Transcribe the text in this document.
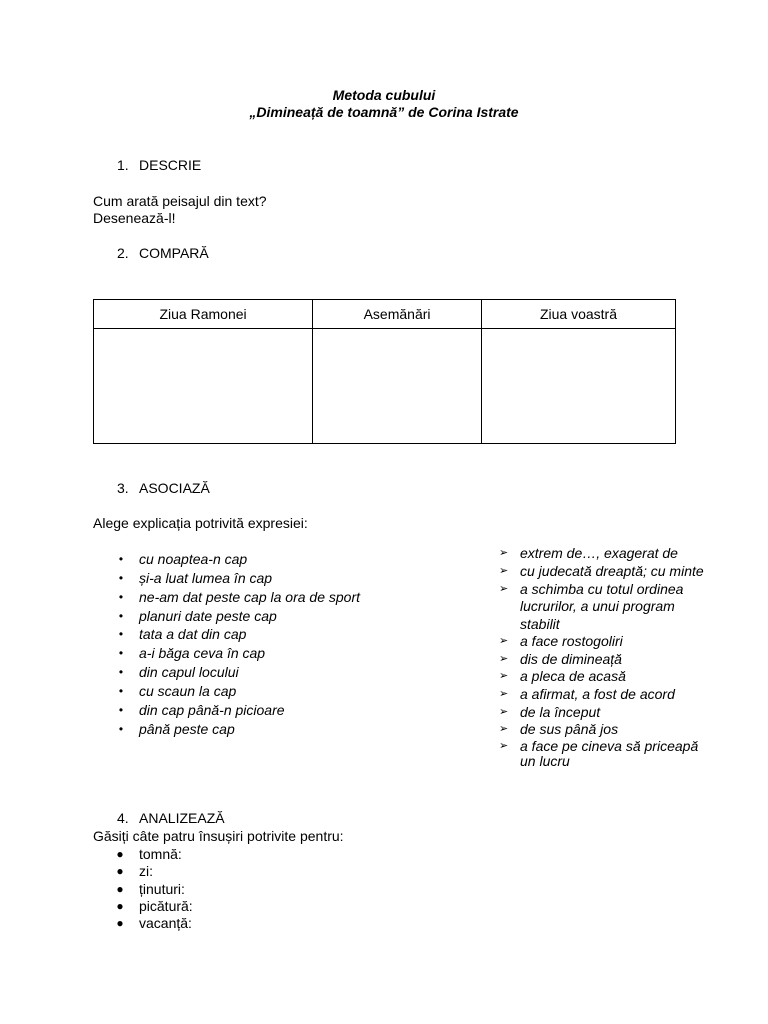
Metoda cubului
„Dimineață de toamnă” de Corina Istrate
1. DESCRIE
Cum arată peisajul din text?
Desenează-l!
2. COMPARĂ
Ziua Ramonei	Asemănări	Ziua voastră

3. ASOCIAZĂ
Alege explicația potrivită expresiei:
• cu noaptea-n cap
• și-a luat lumea în cap
• ne-am dat peste cap la ora de sport
• planuri date peste cap
• tata a dat din cap
• a-i băga ceva în cap
• din capul locului
• cu scaun la cap
• din cap până-n picioare
• până peste cap
➢ extrem de…, exagerat de
➢ cu judecată dreaptă; cu minte
➢ a schimba cu totul ordinea
lucrurilor, a unui program
stabilit
➢ a face rostogoliri
➢ dis de dimineață
➢ a pleca de acasă
➢ a afirmat, a fost de acord
➢ de la început
➢ de sus până jos
➢ a face pe cineva să priceapă
un lucru
4. ANALIZEAZĂ
Găsiți câte patru însușiri potrivite pentru:
● tomnă:
● zi:
● ținuturi:
● picătură:
● vacanță:
